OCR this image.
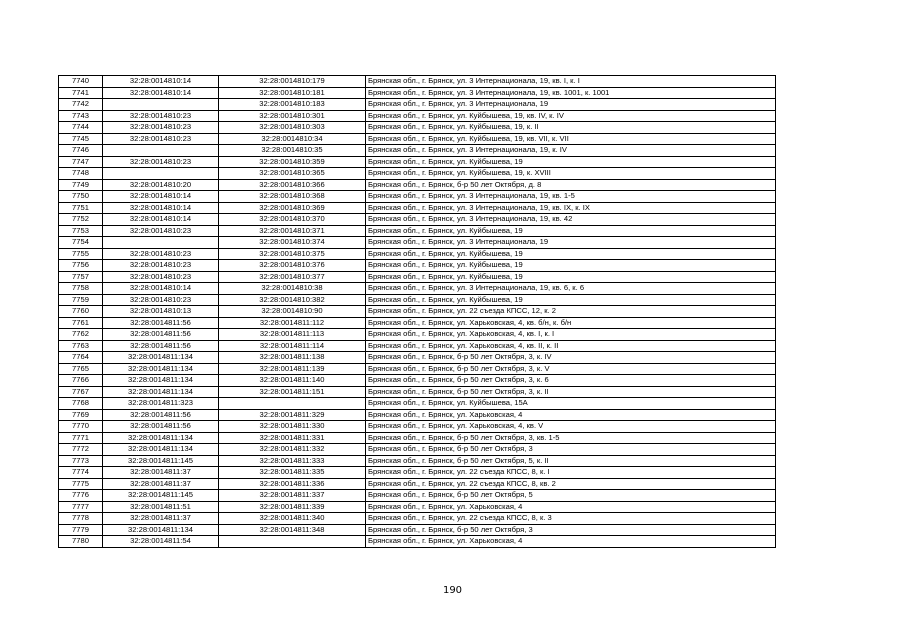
7740	32:28:0014810:14	32:28:0014810:179	Брянская обл., г. Брянск, ул. 3 Интернационала, 19, кв. I, к. I
7741	32:28:0014810:14	32:28:0014810:181	Брянская обл., г. Брянск, ул. 3 Интернационала, 19, кв. 1001, к. 1001
7742		32:28:0014810:183	Брянская обл., г. Брянск, ул. 3 Интернационала, 19
7743	32:28:0014810:23	32:28:0014810:301	Брянская обл., г. Брянск, ул. Куйбышева, 19, кв. IV, к. IV
7744	32:28:0014810:23	32:28:0014810:303	Брянская обл., г. Брянск, ул. Куйбышева, 19, к. II
7745	32:28:0014810:23	32:28:0014810:34	Брянская обл., г. Брянск, ул. Куйбышева, 19, кв. VII, к. VII
7746		32:28:0014810:35	Брянская обл., г. Брянск, ул. 3 Интернационала, 19, к. IV
7747	32:28:0014810:23	32:28:0014810:359	Брянская обл., г. Брянск, ул. Куйбышева, 19
7748		32:28:0014810:365	Брянская обл., г. Брянск, ул. Куйбышева, 19, к. XVIII
7749	32:28:0014810:20	32:28:0014810:366	Брянская обл., г. Брянск, б-р 50 лет Октября, д. 8
7750	32:28:0014810:14	32:28:0014810:368	Брянская обл., г. Брянск, ул. 3 Интернационала, 19, кв. 1-5
7751	32:28:0014810:14	32:28:0014810:369	Брянская обл., г. Брянск, ул. 3 Интернационала, 19, кв. IX, к. IX
7752	32:28:0014810:14	32:28:0014810:370	Брянская обл., г. Брянск, ул. 3 Интернационала, 19, кв. 42
7753	32:28:0014810:23	32:28:0014810:371	Брянская обл., г. Брянск, ул. Куйбышева, 19
7754		32:28:0014810:374	Брянская обл., г. Брянск, ул. 3 Интернационала, 19
7755	32:28:0014810:23	32:28:0014810:375	Брянская обл., г. Брянск, ул. Куйбышева, 19
7756	32:28:0014810:23	32:28:0014810:376	Брянская обл., г. Брянск, ул. Куйбышева, 19
7757	32:28:0014810:23	32:28:0014810:377	Брянская обл., г. Брянск, ул. Куйбышева, 19
7758	32:28:0014810:14	32:28:0014810:38	Брянская обл., г. Брянск, ул. 3 Интернационала, 19, кв. 6, к. 6
7759	32:28:0014810:23	32:28:0014810:382	Брянская обл., г. Брянск, ул. Куйбышева, 19
7760	32:28:0014810:13	32:28:0014810:90	Брянская обл., г. Брянск, ул. 22 съезда КПСС, 12, к. 2
7761	32:28:0014811:56	32:28:0014811:112	Брянская обл., г. Брянск, ул. Харьковская, 4, кв. б/н, к. б/н
7762	32:28:0014811:56	32:28:0014811:113	Брянская обл., г. Брянск, ул. Харьковская, 4, кв. I, к. I
7763	32:28:0014811:56	32:28:0014811:114	Брянская обл., г. Брянск, ул. Харьковская, 4, кв. II, к. II
7764	32:28:0014811:134	32:28:0014811:138	Брянская обл., г. Брянск, б-р 50 лет Октября, 3, к. IV
7765	32:28:0014811:134	32:28:0014811:139	Брянская обл., г. Брянск, б-р 50 лет Октября, 3, к. V
7766	32:28:0014811:134	32:28:0014811:140	Брянская обл., г. Брянск, б-р 50 лет Октября, 3, к. 6
7767	32:28:0014811:134	32:28:0014811:151	Брянская обл., г. Брянск, б-р 50 лет Октября, 3, к. II
7768	32:28:0014811:323		Брянская обл., г. Брянск, ул. Куйбышева, 15А
7769	32:28:0014811:56	32:28:0014811:329	Брянская обл., г. Брянск, ул. Харьковская, 4
7770	32:28:0014811:56	32:28:0014811:330	Брянская обл., г. Брянск, ул. Харьковская, 4, кв. V
7771	32:28:0014811:134	32:28:0014811:331	Брянская обл., г. Брянск, б-р 50 лет Октября, 3, кв. 1-5
7772	32:28:0014811:134	32:28:0014811:332	Брянская обл., г. Брянск, б-р 50 лет Октября, 3
7773	32:28:0014811:145	32:28:0014811:333	Брянская обл., г. Брянск, б-р 50 лет Октября, 5, к. II
7774	32:28:0014811:37	32:28:0014811:335	Брянская обл., г. Брянск, ул. 22 съезда КПСС, 8, к. I
7775	32:28:0014811:37	32:28:0014811:336	Брянская обл., г. Брянск, ул. 22 съезда КПСС, 8, кв. 2
7776	32:28:0014811:145	32:28:0014811:337	Брянская обл., г. Брянск, б-р 50 лет Октября, 5
7777	32:28:0014811:51	32:28:0014811:339	Брянская обл., г. Брянск, ул. Харьковская, 4
7778	32:28:0014811:37	32:28:0014811:340	Брянская обл., г. Брянск, ул. 22 съезда КПСС, 8, к. 3
7779	32:28:0014811:134	32:28:0014811:348	Брянская обл., г. Брянск, б-р 50 лет Октября, 3
7780	32:28:0014811:54		Брянская обл., г. Брянск, ул. Харьковская, 4
190
